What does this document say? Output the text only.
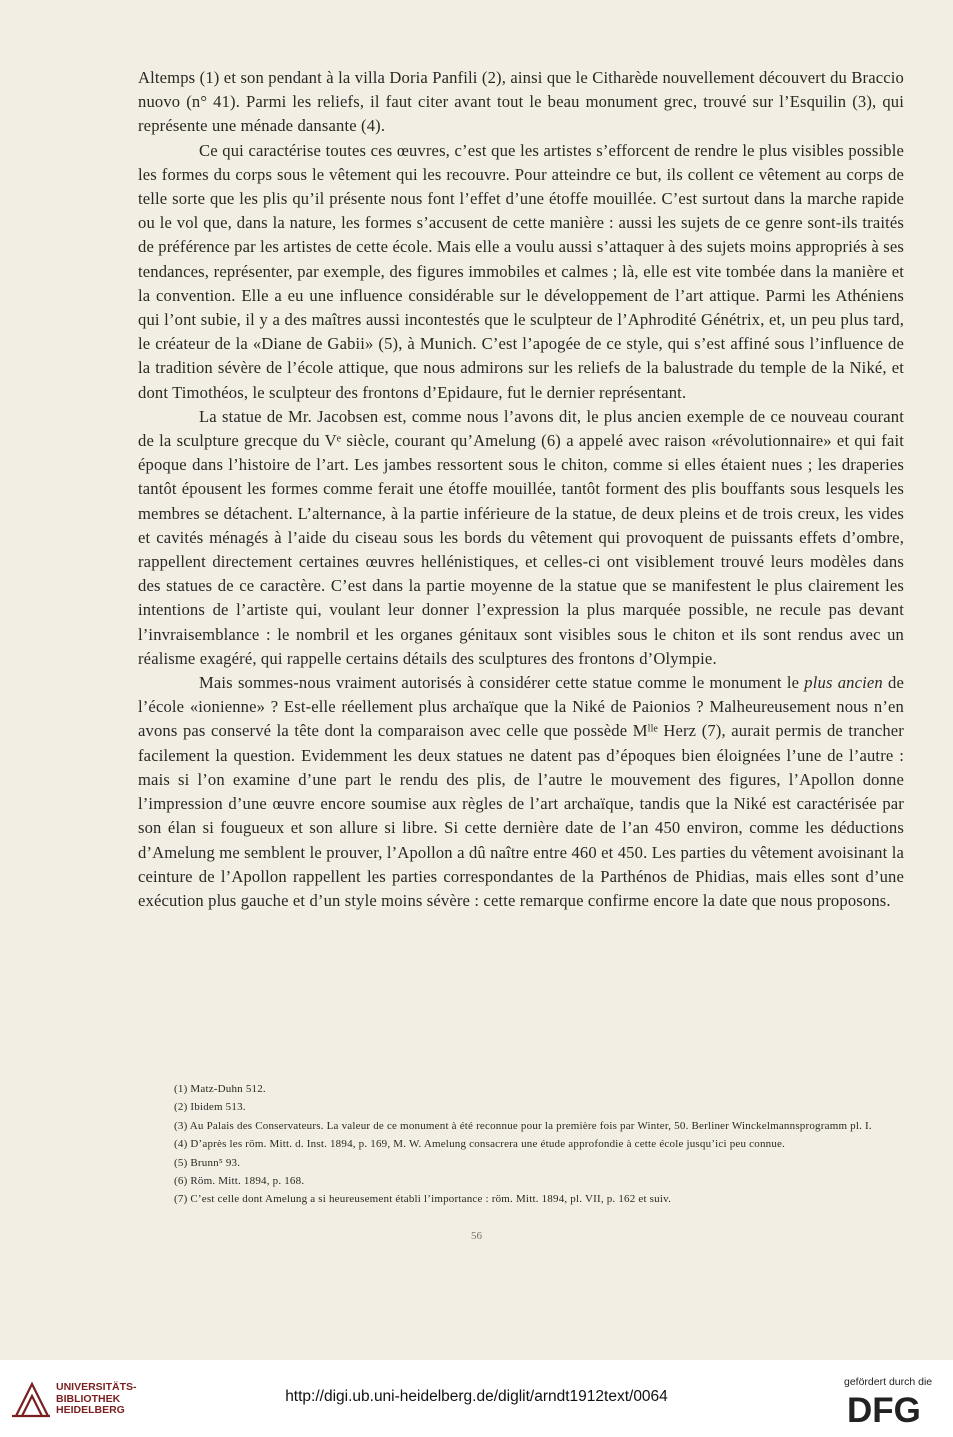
Altemps (1) et son pendant à la villa Doria Panfili (2), ainsi que le Citharède nouvellement découvert du Braccio nuovo (n° 41). Parmi les reliefs, il faut citer avant tout le beau monument grec, trouvé sur l’Esquilin (3), qui représente une ménade dansante (4).

Ce qui caractérise toutes ces œuvres, c’est que les artistes s’efforcent de rendre le plus visibles possible les formes du corps sous le vêtement qui les recouvre. Pour atteindre ce but, ils collent ce vêtement au corps de telle sorte que les plis qu’il présente nous font l’effet d’une étoffe mouillée. C’est surtout dans la marche rapide ou le vol que, dans la nature, les formes s’accusent de cette manière : aussi les sujets de ce genre sont-ils traités de préférence par les artistes de cette école. Mais elle a voulu aussi s’attaquer à des sujets moins appropriés à ses tendances, représenter, par exemple, des figures immobiles et calmes ; là, elle est vite tombée dans la manière et la convention. Elle a eu une influence considérable sur le développement de l’art attique. Parmi les Athéniens qui l’ont subie, il y a des maîtres aussi incontestés que le sculpteur de l’Aphrodité Génétrix, et, un peu plus tard, le créateur de la «Diane de Gabii» (5), à Munich. C’est l’apogée de ce style, qui s’est affiné sous l’influence de la tradition sévère de l’école attique, que nous admirons sur les reliefs de la balustrade du temple de la Niké, et dont Timothéos, le sculpteur des frontons d’Epidaure, fut le dernier représentant.

La statue de Mr. Jacobsen est, comme nous l’avons dit, le plus ancien exemple de ce nouveau courant de la sculpture grecque du Vᵉ siècle, courant qu’Amelung (6) a appelé avec raison «révolutionnaire» et qui fait époque dans l’histoire de l’art. Les jambes ressortent sous le chiton, comme si elles étaient nues ; les draperies tantôt épousent les formes comme ferait une étoffe mouillée, tantôt forment des plis bouffants sous lesquels les membres se détachent. L’alternance, à la partie inférieure de la statue, de deux pleins et de trois creux, les vides et cavités ménagés à l’aide du ciseau sous les bords du vêtement qui provoquent de puissants effets d’ombre, rappellent directement certaines œuvres hellénistiques, et celles-ci ont visiblement trouvé leurs modèles dans des statues de ce caractère. C’est dans la partie moyenne de la statue que se manifestent le plus clairement les intentions de l’artiste qui, voulant leur donner l’expression la plus marquée possible, ne recule pas devant l’invraisemblance : le nombril et les organes génitaux sont visibles sous le chiton et ils sont rendus avec un réalisme exagéré, qui rappelle certains détails des sculptures des frontons d’Olympie.

Mais sommes-nous vraiment autorisés à considérer cette statue comme le monument le plus ancien de l’école «ionienne» ? Est-elle réellement plus archaïque que la Niké de Paionios ? Malheureusement nous n’en avons pas conservé la tête dont la comparaison avec celle que possède Mˡˡᵉ Herz (7), aurait permis de trancher facilement la question. Evidemment les deux statues ne datent pas d’époques bien éloignées l’une de l’autre : mais si l’on examine d’une part le rendu des plis, de l’autre le mouvement des figures, l’Apollon donne l’impression d’une œuvre encore soumise aux règles de l’art archaïque, tandis que la Niké est caractérisée par son élan si fougueux et son allure si libre. Si cette dernière date de l’an 450 environ, comme les déductions d’Amelung me semblent le prouver, l’Apollon a dû naître entre 460 et 450. Les parties du vêtement avoisinant la ceinture de l’Apollon rappellent les parties correspondantes de la Parthénos de Phidias, mais elles sont d’une exécution plus gauche et d’un style moins sévère : cette remarque confirme encore la date que nous proposons.

(1) Matz-Duhn 512.

(2) Ibidem 513.

(3) Au Palais des Conservateurs. La valeur de ce monument à été reconnue pour la première fois par Winter, 50. Berliner Winckelmannsprogramm pl. I.

(4) D’après les röm. Mitt. d. Inst. 1894, p. 169, M. W. Amelung consacrera une étude approfondie à cette école jusqu’ici peu connue.

(5) Brunn⁵ 93.

(6) Röm. Mitt. 1894, p. 168.

(7) C’est celle dont Amelung a si heureusement établi l’importance : röm. Mitt. 1894, pl. VII, p. 162 et suiv.

56
UNIVERSITÄTS-
BIBLIOTHEK
HEIDELBERG
http://digi.ub.uni-heidelberg.de/diglit/arndt1912text/0064
gefördert durch die
DFG
